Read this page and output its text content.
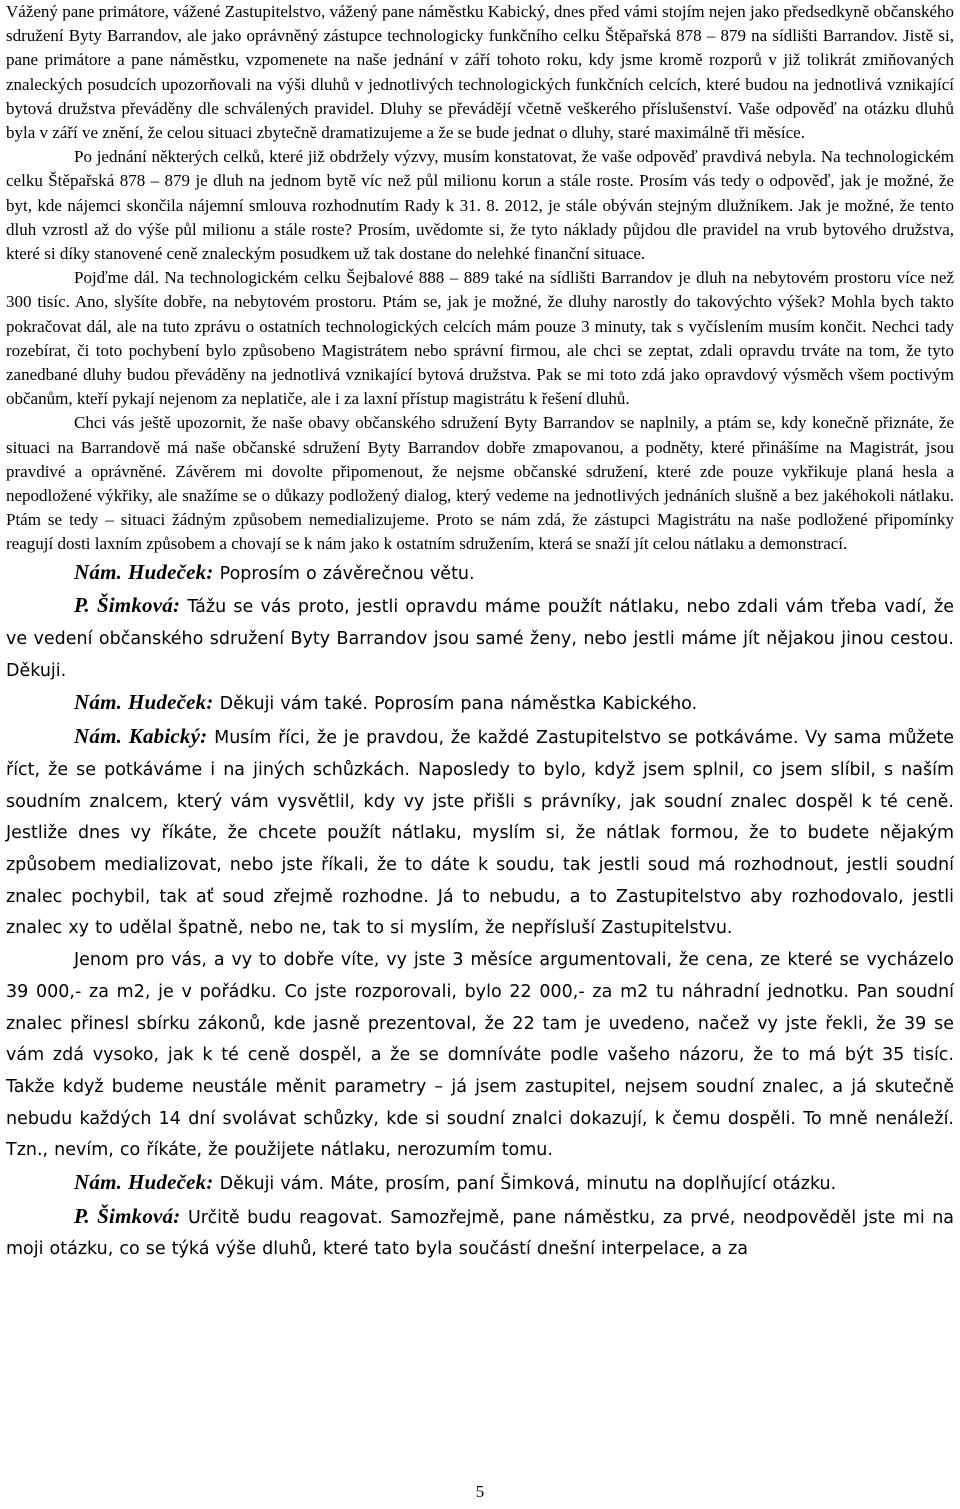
Vážený pane primátore, vážené Zastupitelstvo, vážený pane náměstku Kabický, dnes před vámi stojím nejen jako předsedkyně občanského sdružení Byty Barrandov, ale jako oprávněný zástupce technologicky funkčního celku Štěpařská 878 – 879 na sídlišti Barrandov. Jistě si, pane primátore a pane náměstku, vzpomenete na naše jednání v září tohoto roku, kdy jsme kromě rozporů v již tolikrát zmiňovaných znaleckých posudcích upozorňovali na výši dluhů v jednotlivých technologických funkčních celcích, které budou na jednotlivá vznikající bytová družstva převáděny dle schválených pravidel. Dluhy se převádějí včetně veškerého příslušenství. Vaše odpověď na otázku dluhů byla v září ve znění, že celou situaci zbytečně dramatizujeme a že se bude jednat o dluhy, staré maximálně tři měsíce.

Po jednání některých celků, které již obdržely výzvy, musím konstatovat, že vaše odpověď pravdivá nebyla. Na technologickém celku Štěpařská 878 – 879 je dluh na jednom bytě víc než půl milionu korun a stále roste. Prosím vás tedy o odpověď, jak je možné, že byt, kde nájemci skončila nájemní smlouva rozhodnutím Rady k 31. 8. 2012, je stále obýván stejným dlužníkem. Jak je možné, že tento dluh vzrostl až do výše půl milionu a stále roste? Prosím, uvědomte si, že tyto náklady půjdou dle pravidel na vrub bytového družstva, které si díky stanovené ceně znaleckým posudkem už tak dostane do nelehké finanční situace.

Pojďme dál. Na technologickém celku Šejbalové 888 – 889 také na sídlišti Barrandov je dluh na nebytovém prostoru více než 300 tisíc. Ano, slyšíte dobře, na nebytovém prostoru. Ptám se, jak je možné, že dluhy narostly do takovýchto výšek? Mohla bych takto pokračovat dál, ale na tuto zprávu o ostatních technologických celcích mám pouze 3 minuty, tak s vyčíslením musím končit. Nechci tady rozebírat, či toto pochybení bylo způsobeno Magistrátem nebo správní firmou, ale chci se zeptat, zdali opravdu trváte na tom, že tyto zanedbané dluhy budou převáděny na jednotlivá vznikající bytová družstva. Pak se mi toto zdá jako opravdový výsměch všem poctivým občanům, kteří pykají nejenom za neplatiče, ale i za laxní přístup magistrátu k řešení dluhů.

Chci vás ještě upozornit, že naše obavy občanského sdružení Byty Barrandov se naplnily, a ptám se, kdy konečně přiznáte, že situaci na Barrandově má naše občanské sdružení Byty Barrandov dobře zmapovanou, a podněty, které přinášíme na Magistrát, jsou pravdivé a oprávněné. Závěrem mi dovolte připomenout, že nejsme občanské sdružení, které zde pouze vykřikuje planá hesla a nepodložené výkřiky, ale snažíme se o důkazy podložený dialog, který vedeme na jednotlivých jednáních slušně a bez jakéhokoli nátlaku. Ptám se tedy – situaci žádným způsobem nemedializujeme. Proto se nám zdá, že zástupci Magistrátu na naše podložené připomínky reagují dosti laxním způsobem a chovají se k nám jako k ostatním sdružením, která se snaží jít celou nátlaku a demonstrací.

Nám. Hudeček: Poprosím o závěrečnou větu.

P. Šimková: Tážu se vás proto, jestli opravdu máme použít nátlaku, nebo zdali vám třeba vadí, že ve vedení občanského sdružení Byty Barrandov jsou samé ženy, nebo jestli máme jít nějakou jinou cestou. Děkuji.

Nám. Hudeček: Děkuji vám také. Poprosím pana náměstka Kabického.

Nám. Kabický: Musím říci, že je pravdou, že každé Zastupitelstvo se potkáváme. Vy sama můžete říct, že se potkáváme i na jiných schůzkách. Naposledy to bylo, když jsem splnil, co jsem slíbil, s naším soudním znalcem, který vám vysvětlil, kdy vy jste přišli s právníky, jak soudní znalec dospěl k té ceně. Jestliže dnes vy říkáte, že chcete použít nátlaku, myslím si, že nátlak formou, že to budete nějakým způsobem medializovat, nebo jste říkali, že to dáte k soudu, tak jestli soud má rozhodnout, jestli soudní znalec pochybil, tak ať soud zřejmě rozhodne. Já to nebudu, a to Zastupitelstvo aby rozhodovalo, jestli znalec xy to udělal špatně, nebo ne, tak to si myslím, že nepřísluší Zastupitelstvu.

Jenom pro vás, a vy to dobře víte, vy jste 3 měsíce argumentovali, že cena, ze které se vycházelo 39 000,- za m2, je v pořádku. Co jste rozporovali, bylo 22 000,- za m2 tu náhradní jednotku. Pan soudní znalec přinesl sbírku zákonů, kde jasně prezentoval, že 22 tam je uvedeno, načež vy jste řekli, že 39 se vám zdá vysoko, jak k té ceně dospěl, a že se domníváte podle vašeho názoru, že to má být 35 tisíc. Takže když budeme neustále měnit parametry – já jsem zastupitel, nejsem soudní znalec, a já skutečně nebudu každých 14 dní svolávat schůzky, kde si soudní znalci dokazují, k čemu dospěli. To mně nenáleží. Tzn., nevím, co říkáte, že použijete nátlaku, nerozumím tomu.

Nám. Hudeček: Děkuji vám. Máte, prosím, paní Šimková, minutu na doplňující otázku.

P. Šimková: Určitě budu reagovat. Samozřejmě, pane náměstku, za prvé, neodpověděl jste mi na moji otázku, co se týká výše dluhů, které tato byla součástí dnešní interpelace, a za

5
